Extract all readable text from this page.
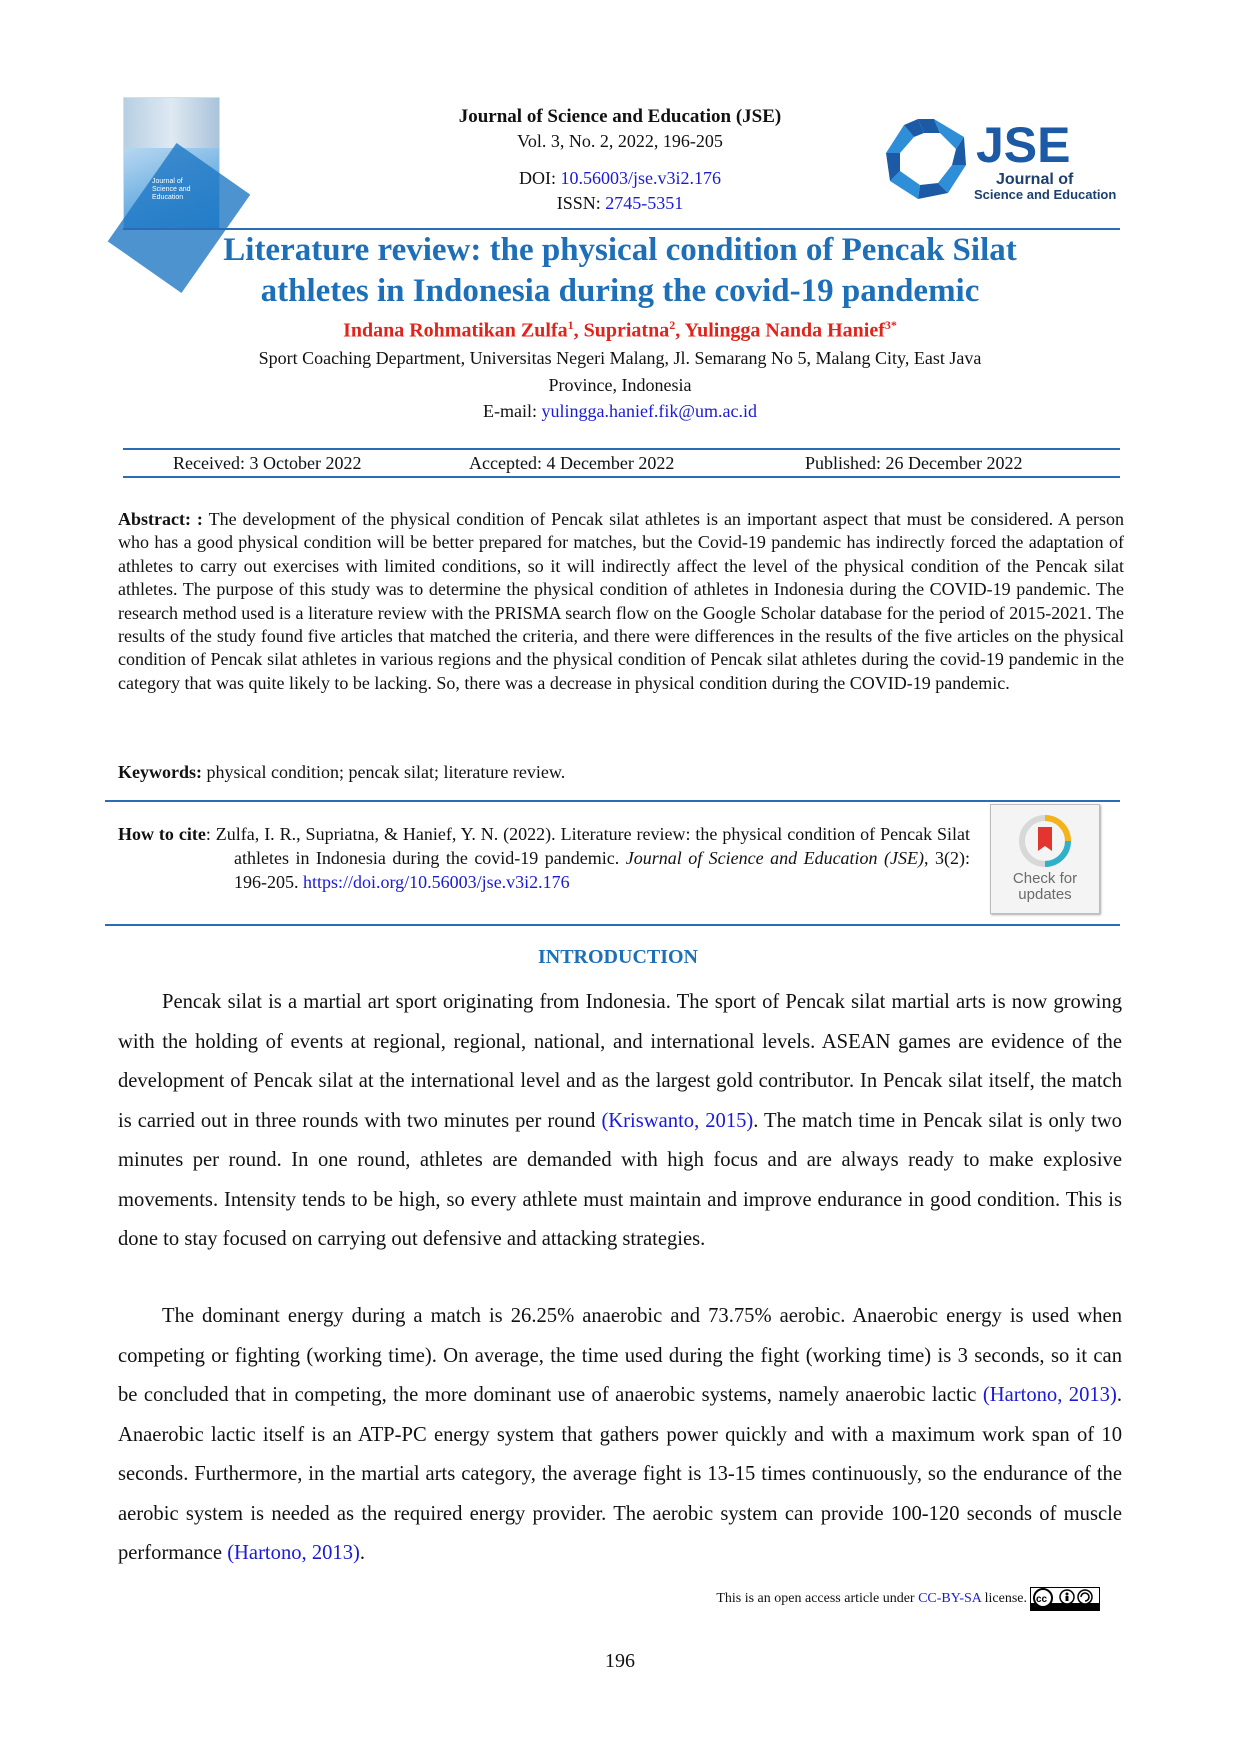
Journal of Science and Education
Journal of Science and Education (JSE)
Vol. 3, No. 2, 2022, 196-205
DOI: 10.56003/jse.v3i2.176
ISSN: 2745-5351
JSE
Journal of
Science and Education
Literature review: the physical condition of Pencak Silat
athletes in Indonesia during the covid-19 pandemic
Indana Rohmatikan Zulfa$^1$, Supriatna$^2$, Yulingga Nanda Hanief$^{3*}$
Sport Coaching Department, Universitas Negeri Malang, Jl. Semarang No 5, Malang City, East Java
Province, Indonesia
E-mail: yulingga.hanief.fik@um.ac.id
Received: 3 October 2022	Accepted: 4 December 2022	Published: 26 December 2022
Abstract: : The development of the physical condition of Pencak silat athletes is an important aspect that must be considered. A person who has a good physical condition will be better prepared for matches, but the Covid-19 pandemic has indirectly forced the adaptation of athletes to carry out exercises with limited conditions, so it will indirectly affect the level of the physical condition of the Pencak silat athletes. The purpose of this study was to determine the physical condition of athletes in Indonesia during the COVID-19 pandemic. The research method used is a literature review with the PRISMA search flow on the Google Scholar database for the period of 2015-2021. The results of the study found five articles that matched the criteria, and there were differences in the results of the five articles on the physical condition of Pencak silat athletes in various regions and the physical condition of Pencak silat athletes during the covid-19 pandemic in the category that was quite likely to be lacking. So, there was a decrease in physical condition during the COVID-19 pandemic.
Keywords: physical condition; pencak silat; literature review.
How to cite: Zulfa, I. R., Supriatna, & Hanief, Y. N. (2022). Literature review: the physical condition of Pencak Silat athletes in Indonesia during the covid-19 pandemic. Journal of Science and Education (JSE), 3(2): 196-205. https://doi.org/10.56003/jse.v3i2.176	Check for
updates
INTRODUCTION
Pencak silat is a martial art sport originating from Indonesia. The sport of Pencak silat martial arts is now growing with the holding of events at regional, regional, national, and international levels. ASEAN games are evidence of the development of Pencak silat at the international level and as the largest gold contributor. In Pencak silat itself, the match is carried out in three rounds with two minutes per round (Kriswanto, 2015). The match time in Pencak silat is only two minutes per round. In one round, athletes are demanded with high focus and are always ready to make explosive movements. Intensity tends to be high, so every athlete must maintain and improve endurance in good condition. This is done to stay focused on carrying out defensive and attacking strategies.
The dominant energy during a match is 26.25% anaerobic and 73.75% aerobic. Anaerobic energy is used when competing or fighting (working time). On average, the time used during the fight (working time) is 3 seconds, so it can be concluded that in competing, the more dominant use of anaerobic systems, namely anaerobic lactic (Hartono, 2013). Anaerobic lactic itself is an ATP-PC energy system that gathers power quickly and with a maximum work span of 10 seconds. Furthermore, in the martial arts category, the average fight is 13-15 times continuously, so the endurance of the aerobic system is needed as the required energy provider. The aerobic system can provide 100-120 seconds of muscle performance (Hartono, 2013).
This is an open access article under CC-BY-SA license. cc
196
